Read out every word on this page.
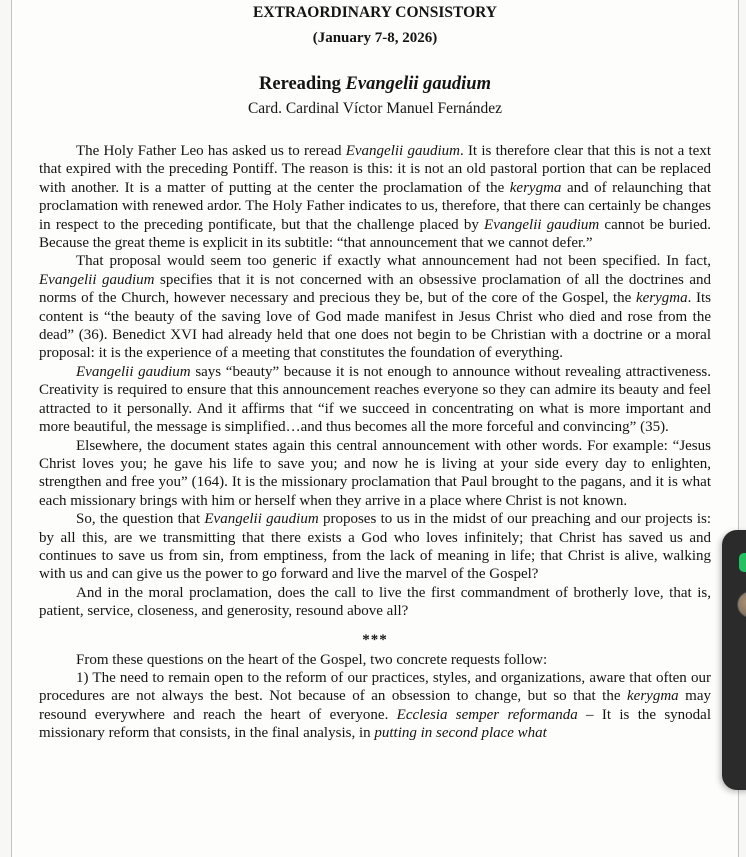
EXTRAORDINARY CONSISTORY

(January 7-8, 2026)

Rereading Evangelii gaudium

Card. Cardinal Víctor Manuel Fernández

The Holy Father Leo has asked us to reread Evangelii gaudium. It is therefore clear that this is not a text that expired with the preceding Pontiff. The reason is this: it is not an old pastoral portion that can be replaced with another. It is a matter of putting at the center the proclamation of the kerygma and of relaunching that proclamation with renewed ardor. The Holy Father indicates to us, therefore, that there can certainly be changes in respect to the preceding pontificate, but that the challenge placed by Evangelii gaudium cannot be buried. Because the great theme is explicit in its subtitle: “that announcement that we cannot defer.”

That proposal would seem too generic if exactly what announcement had not been specified. In fact, Evangelii gaudium specifies that it is not concerned with an obsessive proclamation of all the doctrines and norms of the Church, however necessary and precious they be, but of the core of the Gospel, the kerygma. Its content is “the beauty of the saving love of God made manifest in Jesus Christ who died and rose from the dead” (36). Benedict XVI had already held that one does not begin to be Christian with a doctrine or a moral proposal: it is the experience of a meeting that constitutes the foundation of everything.

Evangelii gaudium says “beauty” because it is not enough to announce without revealing attractiveness. Creativity is required to ensure that this announcement reaches everyone so they can admire its beauty and feel attracted to it personally. And it affirms that “if we succeed in concentrating on what is more important and more beautiful, the message is simplified…and thus becomes all the more forceful and convincing” (35).

Elsewhere, the document states again this central announcement with other words. For example: “Jesus Christ loves you; he gave his life to save you; and now he is living at your side every day to enlighten, strengthen and free you” (164). It is the missionary proclamation that Paul brought to the pagans, and it is what each missionary brings with him or herself when they arrive in a place where Christ is not known.

So, the question that Evangelii gaudium proposes to us in the midst of our preaching and our projects is: by all this, are we transmitting that there exists a God who loves infinitely; that Christ has saved us and continues to save us from sin, from emptiness, from the lack of meaning in life; that Christ is alive, walking with us and can give us the power to go forward and live the marvel of the Gospel?

And in the moral proclamation, does the call to live the first commandment of brotherly love, that is, patient, service, closeness, and generosity, resound above all?

***

From these questions on the heart of the Gospel, two concrete requests follow:

1) The need to remain open to the reform of our practices, styles, and organizations, aware that often our procedures are not always the best. Not because of an obsession to change, but so that the kerygma may resound everywhere and reach the heart of everyone. Ecclesia semper reformanda – It is the synodal missionary reform that consists, in the final analysis, in putting in second place what
